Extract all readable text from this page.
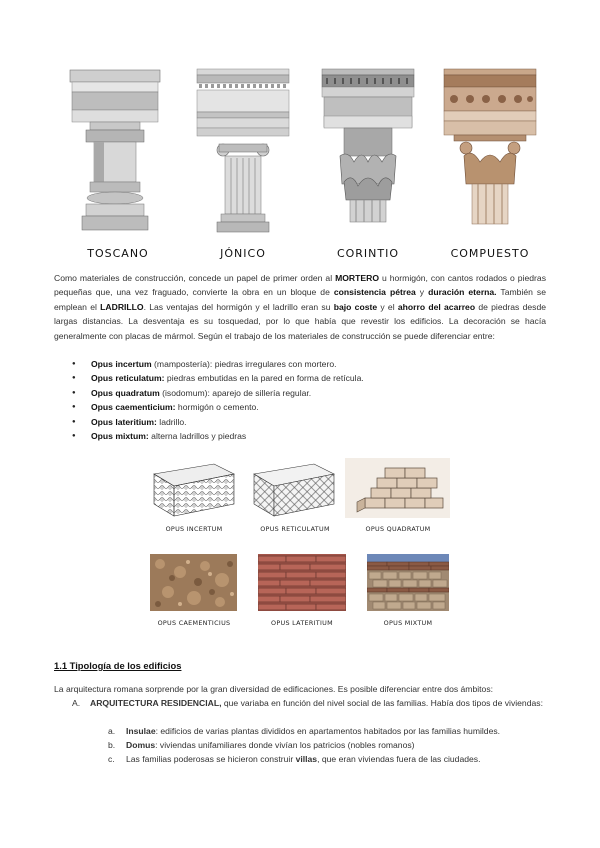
TOSCANO	JÓNICO	CORINTIO	COMPUESTO
Como materiales de construcción, concede un papel de primer orden al MORTERO u hormigón, con cantos rodados o piedras pequeñas que, una vez fraguado, convierte la obra en un bloque de consistencia pétrea y duración eterna. También se emplean el LADRILLO. Las ventajas del hormigón y el ladrillo eran su bajo coste y el ahorro del acarreo de piedras desde largas distancias. La desventaja es su tosquedad, por lo que había que revestir los edificios. La decoración se hacía generalmente con placas de mármol. Según el trabajo de los materiales de construcción se puede diferenciar entre:
● Opus incertum (mampostería): piedras irregulares con mortero.
● Opus reticulatum: piedras embutidas en la pared en forma de retícula.
● Opus quadratum (isodomum): aparejo de sillería regular.
● Opus caementicium: hormigón o cemento.
● Opus lateritium: ladrillo.
● Opus mixtum: alterna ladrillos y piedras
OPUS INCERTUM	OPUS RETICULATUM	OPUS QUADRATUM
OPUS CAEMENTICIUS	OPUS LATERITIUM	OPUS MIXTUM
1.1 Tipología de los edificios
La arquitectura romana sorprende por la gran diversidad de edificaciones. Es posible diferenciar entre dos ámbitos:
A.	ARQUITECTURA RESIDENCIAL, que variaba en función del nivel social de las familias. Había dos tipos de viviendas:
a.	Insulae: edificios de varias plantas divididos en apartamentos habitados por las familias humildes.
b.	Domus: viviendas unifamiliares donde vivían los patricios (nobles romanos)
c.	Las familias poderosas se hicieron construir villas, que eran viviendas fuera de las ciudades.
